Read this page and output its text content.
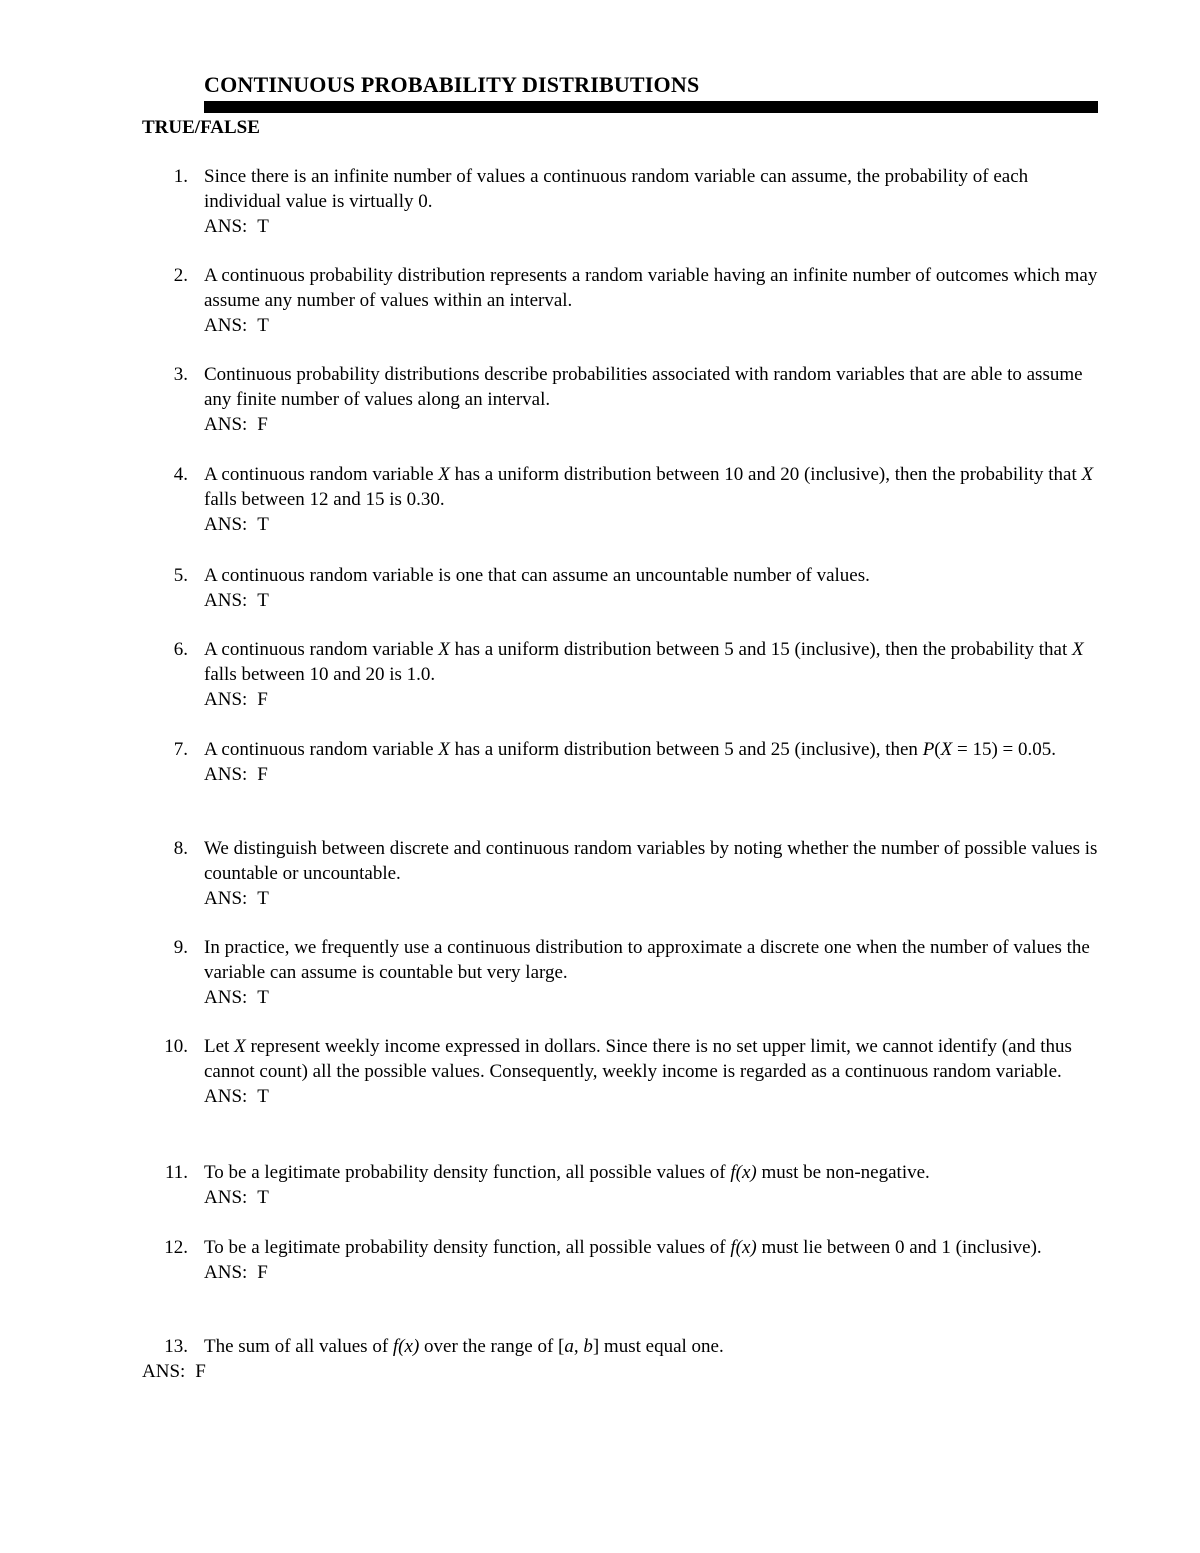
CONTINUOUS PROBABILITY DISTRIBUTIONS
TRUE/FALSE
1. Since there is an infinite number of values a continuous random variable can assume, the probability of each individual value is virtually 0.
ANS: T
2. A continuous probability distribution represents a random variable having an infinite number of outcomes which may assume any number of values within an interval.
ANS: T
3. Continuous probability distributions describe probabilities associated with random variables that are able to assume any finite number of values along an interval.
ANS: F
4. A continuous random variable X has a uniform distribution between 10 and 20 (inclusive), then the probability that X falls between 12 and 15 is 0.30.
ANS: T
5. A continuous random variable is one that can assume an uncountable number of values.
ANS: T
6. A continuous random variable X has a uniform distribution between 5 and 15 (inclusive), then the probability that X falls between 10 and 20 is 1.0.
ANS: F
7. A continuous random variable X has a uniform distribution between 5 and 25 (inclusive), then P(X = 15) = 0.05.
ANS: F
8. We distinguish between discrete and continuous random variables by noting whether the number of possible values is countable or uncountable.
ANS: T
9. In practice, we frequently use a continuous distribution to approximate a discrete one when the number of values the variable can assume is countable but very large.
ANS: T
10. Let X represent weekly income expressed in dollars. Since there is no set upper limit, we cannot identify (and thus cannot count) all the possible values. Consequently, weekly income is regarded as a continuous random variable.
ANS: T
11. To be a legitimate probability density function, all possible values of f(x) must be non-negative.
ANS: T
12. To be a legitimate probability density function, all possible values of f(x) must lie between 0 and 1 (inclusive).
ANS: F
13. The sum of all values of f(x) over the range of [a, b] must equal one.
ANS: F
